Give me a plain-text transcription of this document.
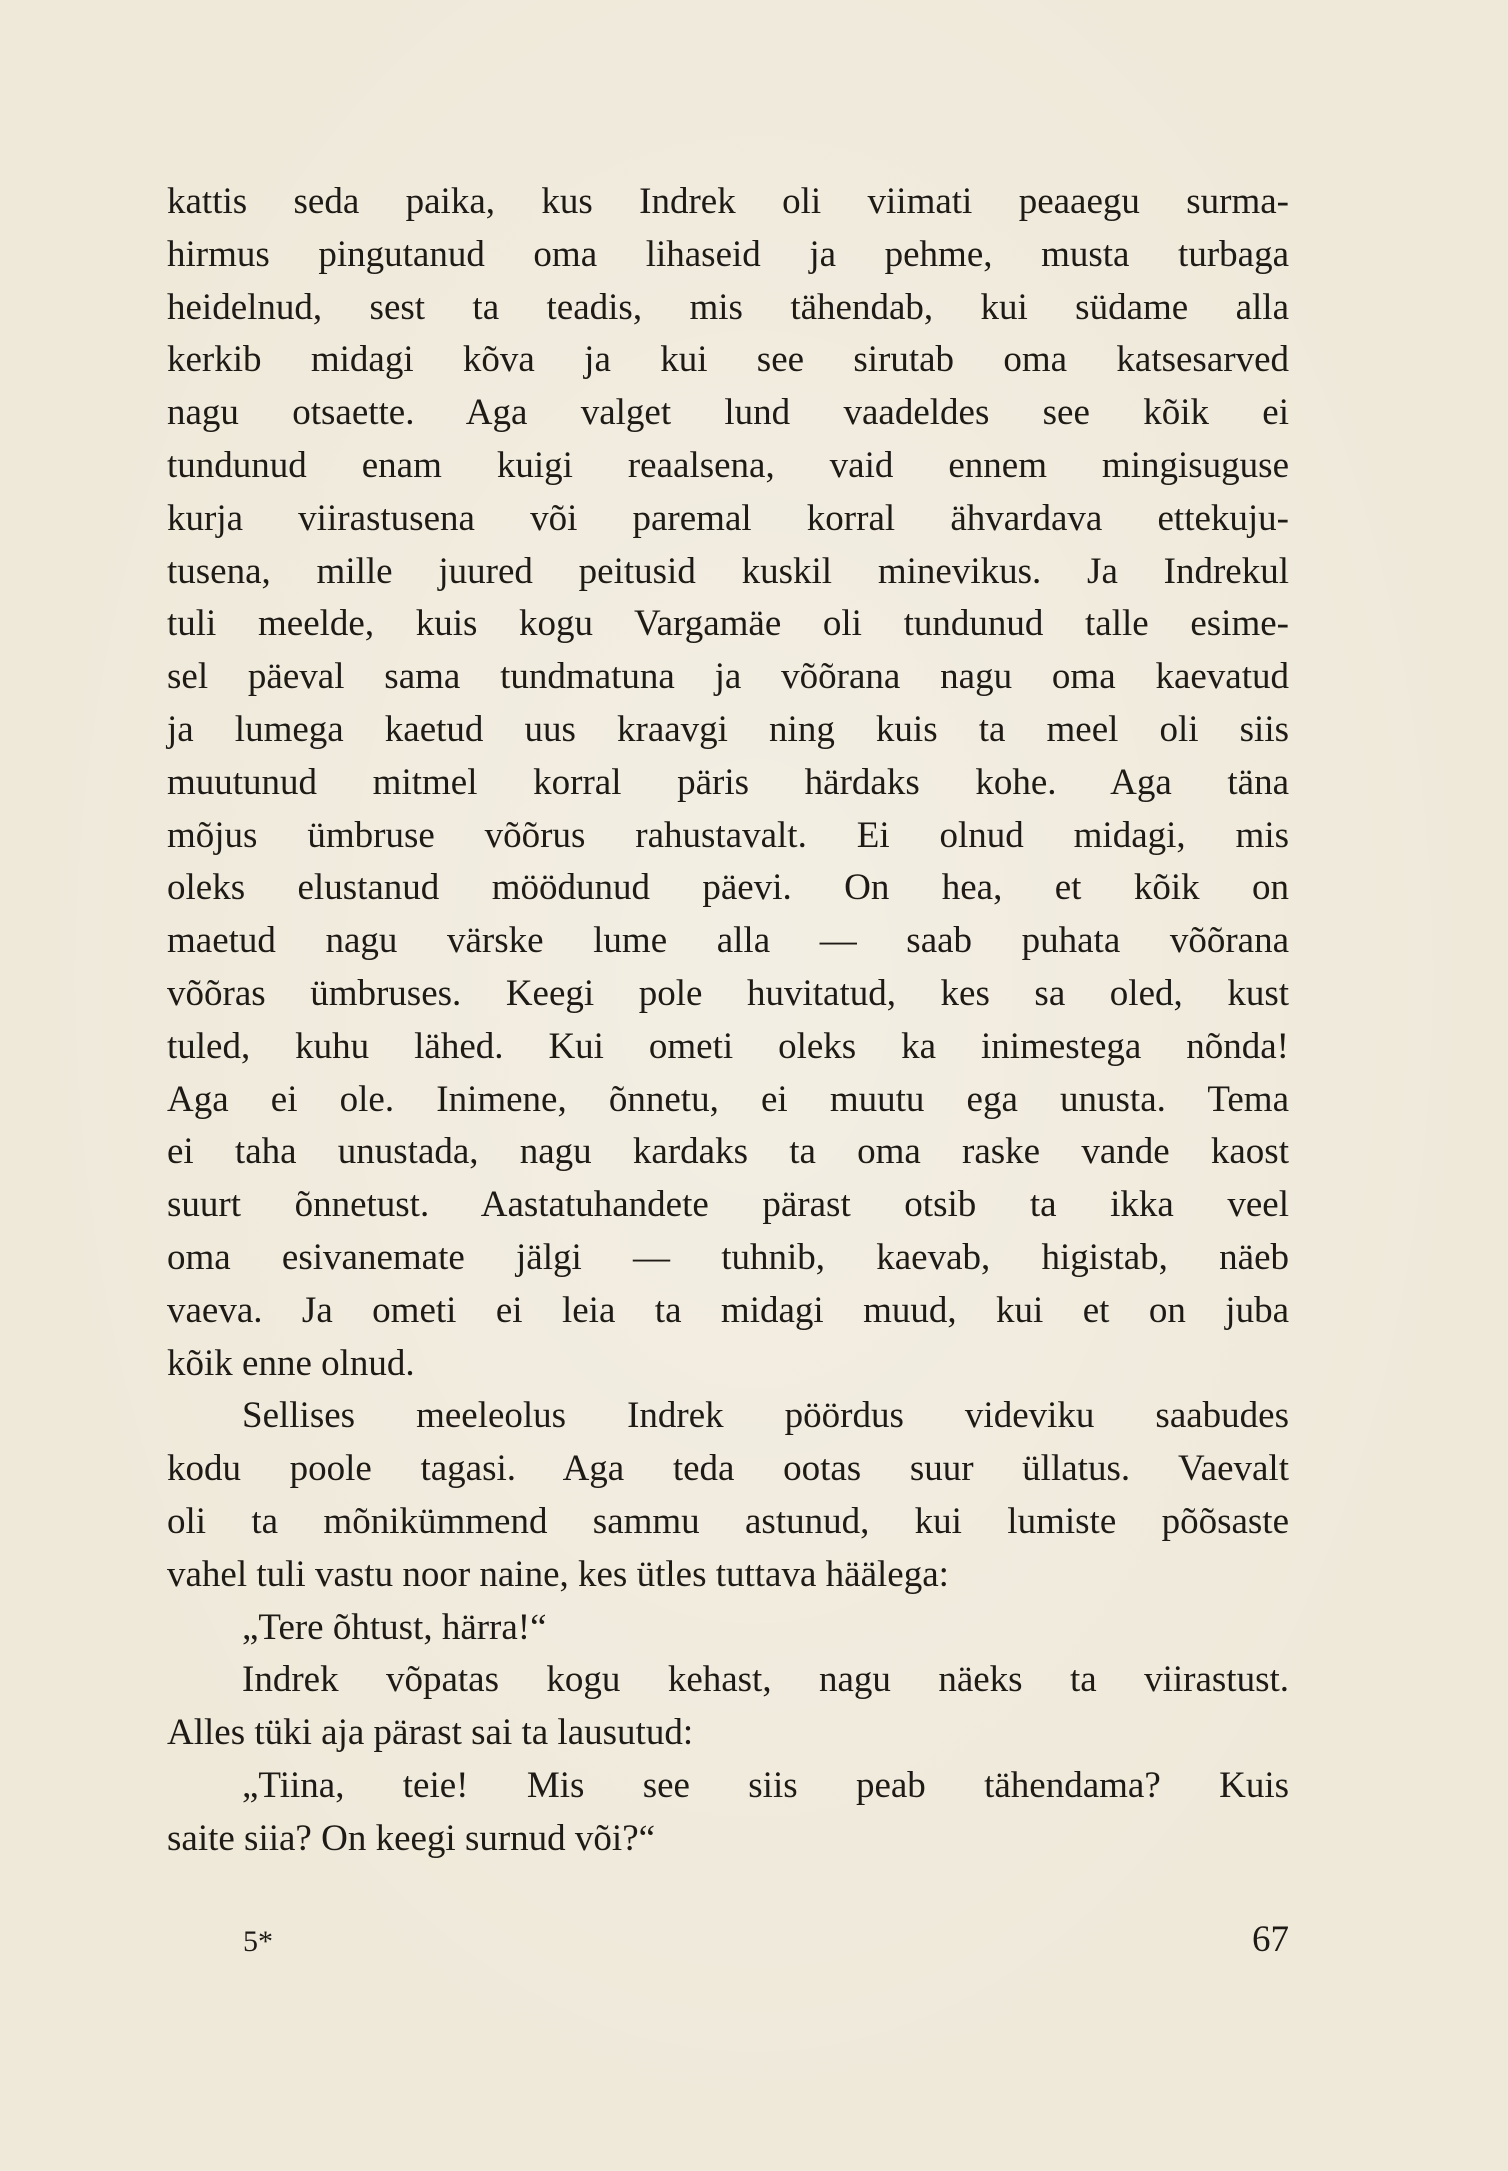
kattis seda paika, kus Indrek oli viimati peaaegu surma-
hirmus pingutanud oma lihaseid ja pehme, musta turbaga
heidelnud, sest ta teadis, mis tähendab, kui südame alla
kerkib midagi kõva ja kui see sirutab oma katsesarved
nagu otsaette. Aga valget lund vaadeldes see kõik ei
tundunud enam kuigi reaalsena, vaid ennem mingisuguse
kurja viirastusena või paremal korral ähvardava ettekuju-
tusena, mille juured peitusid kuskil minevikus. Ja Indrekul
tuli meelde, kuis kogu Vargamäe oli tundunud talle esime-
sel päeval sama tundmatuna ja võõrana nagu oma kaevatud
ja lumega kaetud uus kraavgi ning kuis ta meel oli siis
muutunud mitmel korral päris härdaks kohe. Aga täna
mõjus ümbruse võõrus rahustavalt. Ei olnud midagi, mis
oleks elustanud möödunud päevi. On hea, et kõik on
maetud nagu värske lume alla — saab puhata võõrana
võõras ümbruses. Keegi pole huvitatud, kes sa oled, kust
tuled, kuhu lähed. Kui ometi oleks ka inimestega nõnda!
Aga ei ole. Inimene, õnnetu, ei muutu ega unusta. Tema
ei taha unustada, nagu kardaks ta oma raske vande kaost
suurt õnnetust. Aastatuhandete pärast otsib ta ikka veel
oma esivanemate jälgi — tuhnib, kaevab, higistab, näeb
vaeva. Ja ometi ei leia ta midagi muud, kui et on juba
kõik enne olnud.
Sellises meeleolus Indrek pöördus videviku saabudes
kodu poole tagasi. Aga teda ootas suur üllatus. Vaevalt
oli ta mõnikümmend sammu astunud, kui lumiste põõsaste
vahel tuli vastu noor naine, kes ütles tuttava häälega:
„Tere õhtust, härra!“
Indrek võpatas kogu kehast, nagu näeks ta viirastust.
Alles tüki aja pärast sai ta lausutud:
„Tiina, teie! Mis see siis peab tähendama? Kuis
saite siia? On keegi surnud või?“
5*	67
